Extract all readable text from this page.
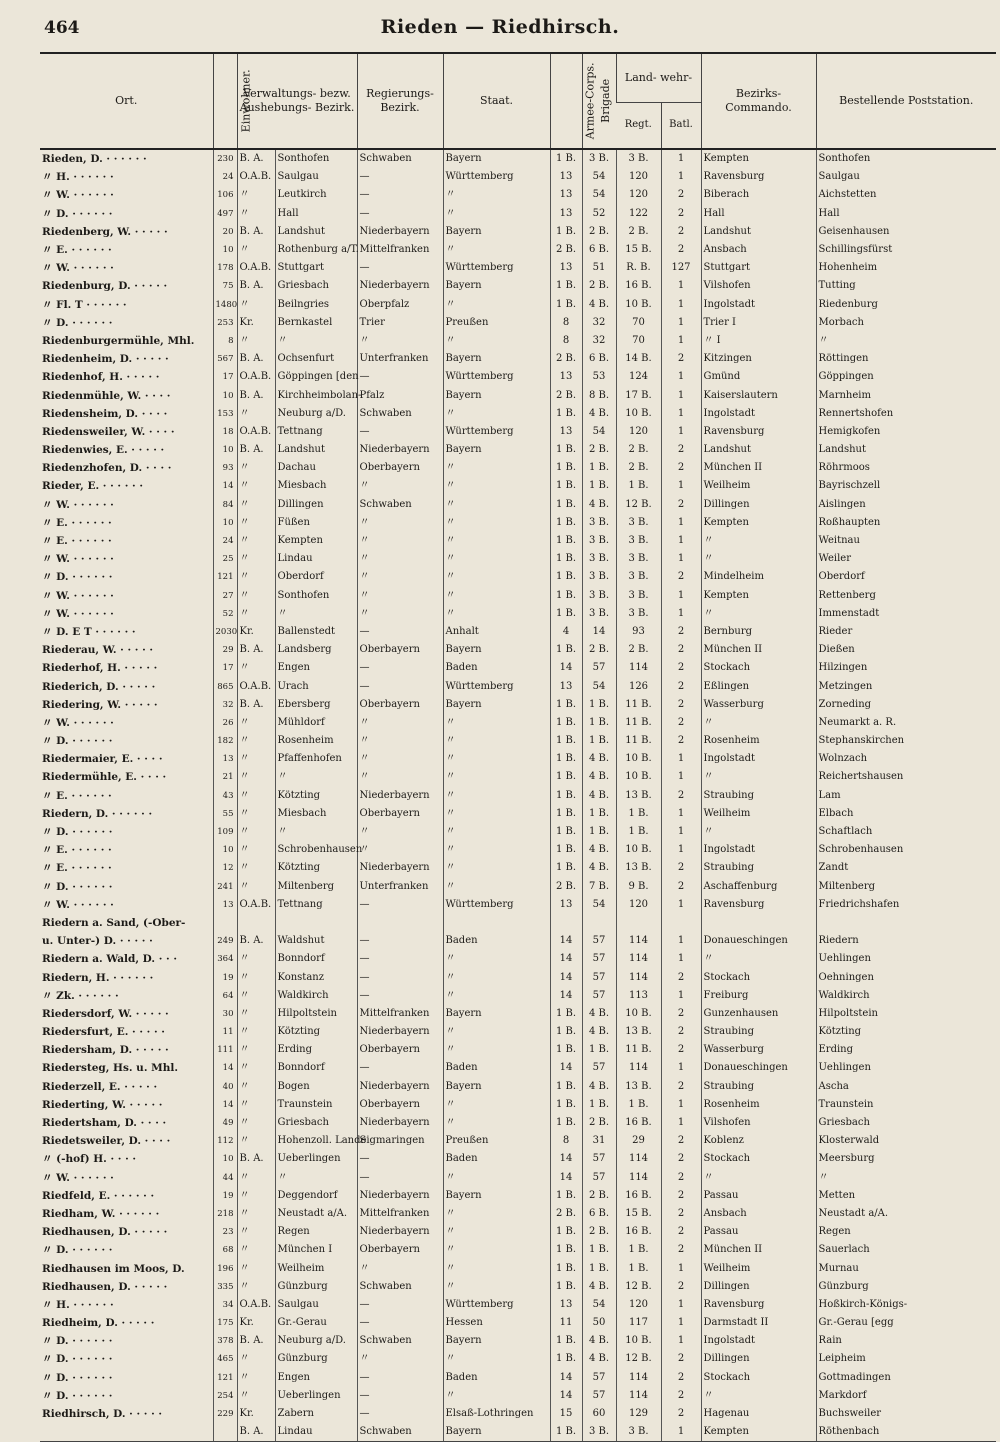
464	Rieden — Riedhirsch.
Ort.	Einwohner.	Verwaltungs- bezw. Aushebungs- Bezirk.		Regierungs- Bezirk.	Staat.	Armee-Corps.	Brigade	Land- wehr-		Bezirks- Commando.	Bestellende Poststation.
								Regt.	Batl.		
Rieden, D. · · · · · ·	230	B. A.	Sonthofen	Schwaben	Bayern	1 B.	3 B.	3 B.	1	Kempten	Sonthofen
〃 H. · · · · · ·	24	O.A.B.	Saulgau	—	Württemberg	13	54	120	1	Ravensburg	Saulgau
〃 W. · · · · · ·	106	〃	Leutkirch	—	〃	13	54	120	2	Biberach	Aichstetten
〃 D. · · · · · ·	497	〃	Hall	—	〃	13	52	122	2	Hall	Hall
Riedenberg, W. · · · · ·	20	B. A.	Landshut	Niederbayern	Bayern	1 B.	2 B.	2 B.	2	Landshut	Geisenhausen
〃 E. · · · · · ·	10	〃	Rothenburg a/T.	Mittelfranken	〃	2 B.	6 B.	15 B.	2	Ansbach	Schillingsfürst
〃 W. · · · · · ·	178	O.A.B.	Stuttgart	—	Württemberg	13	51	R. B.	127	Stuttgart	Hohenheim
Riedenburg, D. · · · · ·	75	B. A.	Griesbach	Niederbayern	Bayern	1 B.	2 B.	16 B.	1	Vilshofen	Tutting
〃 Fl. T · · · · · ·	1480	〃	Beilngries	Oberpfalz	〃	1 B.	4 B.	10 B.	1	Ingolstadt	Riedenburg
〃 D. · · · · · ·	253	Kr.	Bernkastel	Trier	Preußen	8	32	70	1	Trier I	Morbach
Riedenburgermühle, Mhl.	8	〃	〃	〃	〃	8	32	70	1	〃 I	〃
Riedenheim, D. · · · · ·	567	B. A.	Ochsenfurt	Unterfranken	Bayern	2 B.	6 B.	14 B.	2	Kitzingen	Röttingen
Riedenhof, H. · · · · ·	17	O.A.B.	Göppingen [den	—	Württemberg	13	53	124	1	Gmünd	Göppingen
Riedenmühle, W. · · · ·	10	B. A.	Kirchheimbolan-	Pfalz	Bayern	2 B.	8 B.	17 B.	1	Kaiserslautern	Marnheim
Riedensheim, D. · · · ·	153	〃	Neuburg a/D.	Schwaben	〃	1 B.	4 B.	10 B.	1	Ingolstadt	Rennertshofen
Riedensweiler, W. · · · ·	18	O.A.B.	Tettnang	—	Württemberg	13	54	120	1	Ravensburg	Hemigkofen
Riedenwies, E. · · · · ·	10	B. A.	Landshut	Niederbayern	Bayern	1 B.	2 B.	2 B.	2	Landshut	Landshut
Riedenzhofen, D. · · · ·	93	〃	Dachau	Oberbayern	〃	1 B.	1 B.	2 B.	2	München II	Röhrmoos
Rieder, E. · · · · · ·	14	〃	Miesbach	〃	〃	1 B.	1 B.	1 B.	1	Weilheim	Bayrischzell
〃 W. · · · · · ·	84	〃	Dillingen	Schwaben	〃	1 B.	4 B.	12 B.	2	Dillingen	Aislingen
〃 E. · · · · · ·	10	〃	Füßen	〃	〃	1 B.	3 B.	3 B.	1	Kempten	Roßhaupten
〃 E. · · · · · ·	24	〃	Kempten	〃	〃	1 B.	3 B.	3 B.	1	〃	Weitnau
〃 W. · · · · · ·	25	〃	Lindau	〃	〃	1 B.	3 B.	3 B.	1	〃	Weiler
〃 D. · · · · · ·	121	〃	Oberdorf	〃	〃	1 B.	3 B.	3 B.	2	Mindelheim	Oberdorf
〃 W. · · · · · ·	27	〃	Sonthofen	〃	〃	1 B.	3 B.	3 B.	1	Kempten	Rettenberg
〃 W. · · · · · ·	52	〃	〃	〃	〃	1 B.	3 B.	3 B.	1	〃	Immenstadt
〃 D. E T · · · · · ·	2030	Kr.	Ballenstedt	—	Anhalt	4	14	93	2	Bernburg	Rieder
Riederau, W. · · · · ·	29	B. A.	Landsberg	Oberbayern	Bayern	1 B.	2 B.	2 B.	2	München II	Dießen
Riederhof, H. · · · · ·	17	〃	Engen	—	Baden	14	57	114	2	Stockach	Hilzingen
Riederich, D. · · · · ·	865	O.A.B.	Urach	—	Württemberg	13	54	126	2	Eßlingen	Metzingen
Riedering, W. · · · · ·	32	B. A.	Ebersberg	Oberbayern	Bayern	1 B.	1 B.	11 B.	2	Wasserburg	Zorneding
〃 W. · · · · · ·	26	〃	Mühldorf	〃	〃	1 B.	1 B.	11 B.	2	〃	Neumarkt a. R.
〃 D. · · · · · ·	182	〃	Rosenheim	〃	〃	1 B.	1 B.	11 B.	2	Rosenheim	Stephanskirchen
Riedermaier, E. · · · ·	13	〃	Pfaffenhofen	〃	〃	1 B.	4 B.	10 B.	1	Ingolstadt	Wolnzach
Riedermühle, E. · · · ·	21	〃	〃	〃	〃	1 B.	4 B.	10 B.	1	〃	Reichertshausen
〃 E. · · · · · ·	43	〃	Kötzting	Niederbayern	〃	1 B.	4 B.	13 B.	2	Straubing	Lam
Riedern, D. · · · · · ·	55	〃	Miesbach	Oberbayern	〃	1 B.	1 B.	1 B.	1	Weilheim	Elbach
〃 D. · · · · · ·	109	〃	〃	〃	〃	1 B.	1 B.	1 B.	1	〃	Schaftlach
〃 E. · · · · · ·	10	〃	Schrobenhausen	〃	〃	1 B.	4 B.	10 B.	1	Ingolstadt	Schrobenhausen
〃 E. · · · · · ·	12	〃	Kötzting	Niederbayern	〃	1 B.	4 B.	13 B.	2	Straubing	Zandt
〃 D. · · · · · ·	241	〃	Miltenberg	Unterfranken	〃	2 B.	7 B.	9 B.	2	Aschaffenburg	Miltenberg
〃 W. · · · · · ·	13	O.A.B.	Tettnang	—	Württemberg	13	54	120	1	Ravensburg	Friedrichshafen
Riedern a. Sand, (-Ober-											
u. Unter-) D. · · · · ·	249	B. A.	Waldshut	—	Baden	14	57	114	1	Donaueschingen	Riedern
Riedern a. Wald, D. · · ·	364	〃	Bonndorf	—	〃	14	57	114	1	〃	Uehlingen
Riedern, H. · · · · · ·	19	〃	Konstanz	—	〃	14	57	114	2	Stockach	Oehningen
〃 Zk. · · · · · ·	64	〃	Waldkirch	—	〃	14	57	113	1	Freiburg	Waldkirch
Riedersdorf, W. · · · · ·	30	〃	Hilpoltstein	Mittelfranken	Bayern	1 B.	4 B.	10 B.	2	Gunzenhausen	Hilpoltstein
Riedersfurt, E. · · · · ·	11	〃	Kötzting	Niederbayern	〃	1 B.	4 B.	13 B.	2	Straubing	Kötzting
Riedersham, D. · · · · ·	111	〃	Erding	Oberbayern	〃	1 B.	1 B.	11 B.	2	Wasserburg	Erding
Riedersteg, Hs. u. Mhl.	14	〃	Bonndorf	—	Baden	14	57	114	1	Donaueschingen	Uehlingen
Riederzell, E. · · · · ·	40	〃	Bogen	Niederbayern	Bayern	1 B.	4 B.	13 B.	2	Straubing	Ascha
Riederting, W. · · · · ·	14	〃	Traunstein	Oberbayern	〃	1 B.	1 B.	1 B.	1	Rosenheim	Traunstein
Riedertsham, D. · · · ·	49	〃	Griesbach	Niederbayern	〃	1 B.	2 B.	16 B.	1	Vilshofen	Griesbach
Riedetsweiler, D. · · · ·	112	〃	Hohenzoll. Lande	Sigmaringen	Preußen	8	31	29	2	Koblenz	Klosterwald
〃 (-hof) H. · · · ·	10	B. A.	Ueberlingen	—	Baden	14	57	114	2	Stockach	Meersburg
〃 W. · · · · · ·	44	〃	〃	—	〃	14	57	114	2	〃	〃
Riedfeld, E. · · · · · ·	19	〃	Deggendorf	Niederbayern	Bayern	1 B.	2 B.	16 B.	2	Passau	Metten
Riedham, W. · · · · · ·	218	〃	Neustadt a/A.	Mittelfranken	〃	2 B.	6 B.	15 B.	2	Ansbach	Neustadt a/A.
Riedhausen, D. · · · · ·	23	〃	Regen	Niederbayern	〃	1 B.	2 B.	16 B.	2	Passau	Regen
〃 D. · · · · · ·	68	〃	München I	Oberbayern	〃	1 B.	1 B.	1 B.	2	München II	Sauerlach
Riedhausen im Moos, D.	196	〃	Weilheim	〃	〃	1 B.	1 B.	1 B.	1	Weilheim	Murnau
Riedhausen, D. · · · · ·	335	〃	Günzburg	Schwaben	〃	1 B.	4 B.	12 B.	2	Dillingen	Günzburg
〃 H. · · · · · ·	34	O.A.B.	Saulgau	—	Württemberg	13	54	120	1	Ravensburg	Hoßkirch-Königs-
Riedheim, D. · · · · ·	175	Kr.	Gr.-Gerau	—	Hessen	11	50	117	1	Darmstadt II	Gr.-Gerau [egg
〃 D. · · · · · ·	378	B. A.	Neuburg a/D.	Schwaben	Bayern	1 B.	4 B.	10 B.	1	Ingolstadt	Rain
〃 D. · · · · · ·	465	〃	Günzburg	〃	〃	1 B.	4 B.	12 B.	2	Dillingen	Leipheim
〃 D. · · · · · ·	121	〃	Engen	—	Baden	14	57	114	2	Stockach	Gottmadingen
〃 D. · · · · · ·	254	〃	Ueberlingen	—	〃	14	57	114	2	〃	Markdorf
Riedhirsch, D. · · · · ·	229	Kr.	Zabern	—	Elsaß-Lothringen	15	60	129	2	Hagenau	Buchsweiler
		B. A.	Lindau	Schwaben	Bayern	1 B.	3 B.	3 B.	1	Kempten	Röthenbach
